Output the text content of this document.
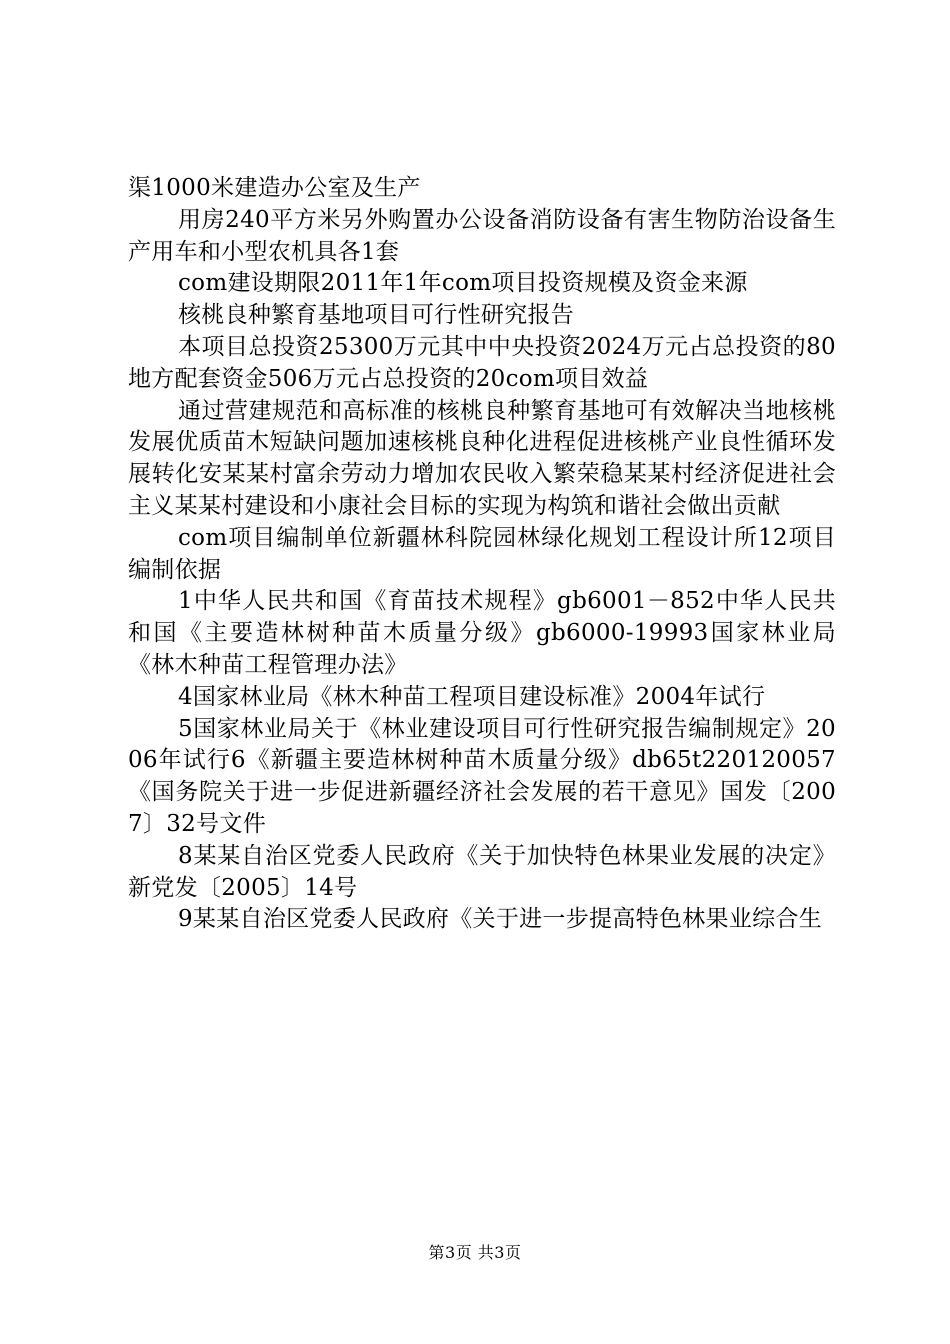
渠1000米建造办公室及生产

用房240平方米另外购置办公设备消防设备有害生物防治设备生产用车和小型农机具各1套

com建设期限2011年1年com项目投资规模及资金来源

核桃良种繁育基地项目可行性研究报告

本项目总投资25300万元其中中央投资2024万元占总投资的80地方配套资金506万元占总投资的20com项目效益

通过营建规范和高标准的核桃良种繁育基地可有效解决当地核桃发展优质苗木短缺问题加速核桃良种化进程促进核桃产业良性循环发展转化安某某村富余劳动力增加农民收入繁荣稳某某村经济促进社会主义某某村建设和小康社会目标的实现为构筑和谐社会做出贡献

com项目编制单位新疆林科院园林绿化规划工程设计所12项目编制依据

1中华人民共和国《育苗技术规程》gb6001－852中华人民共和国《主要造林树种苗木质量分级》gb6000-19993国家林业局《林木种苗工程管理办法》

4国家林业局《林木种苗工程项目建设标准》2004年试行

5国家林业局关于《林业建设项目可行性研究报告编制规定》2006年试行6《新疆主要造林树种苗木质量分级》db65t220120057《国务院关于进一步促进新疆经济社会发展的若干意见》国发〔2007〕32号文件

8某某自治区党委人民政府《关于加快特色林果业发展的决定》新党发〔2005〕14号

9某某自治区党委人民政府《关于进一步提高特色林果业综合生

第3页 共3页
